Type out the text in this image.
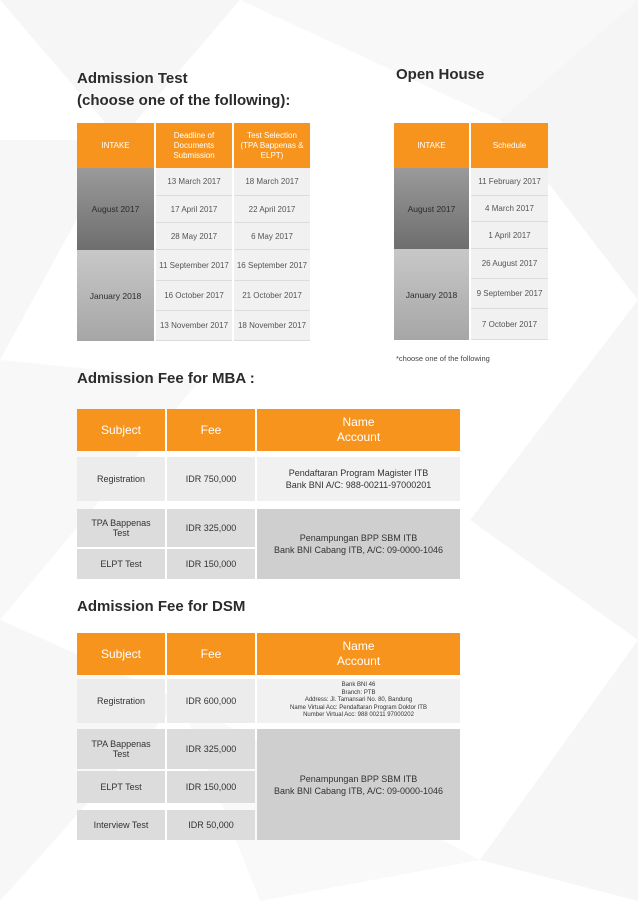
Admission Test
(choose one of the following):
INTAKE	Deadline of Documents Submission	Test Selection (TPA Bappenas & ELPT)
August 2017	13 March 2017	18 March 2017
	17 April 2017	22 April 2017
	28 May 2017	6 May 2017
January 2018	11 September 2017	16 September 2017
	16 October 2017	21 October 2017
	13 November 2017	18 November 2017
Open House
INTAKE	Schedule
August 2017	11 February 2017
	4 March 2017
	1 April 2017
January 2018	26 August 2017
	9 September 2017
	7 October 2017
*choose one of the following
Admission Fee for MBA :
Subject	Fee	Name
Account

Registration	IDR 750,000	Pendaftaran Program Magister ITB
Bank BNI A/C: 988-00211-97000201

TPA Bappenas Test	IDR 325,000	Penampungan BPP SBM ITB
Bank BNI Cabang ITB, A/C: 09-0000-1046

ELPT Test	IDR 150,000	
Admission Fee for DSM
Subject	Fee	Name
Account

Registration	IDR 600,000	Bank BNI 46
Branch: PTB
Address: Jl. Tamansari No. 80, Bandung
Name Virtual Acc: Pendaftaran Program Doktor ITB
Number Virtual Acc: 988 00211 97000202

TPA Bappenas Test	IDR 325,000	Penampungan BPP SBM ITB
Bank BNI Cabang ITB, A/C: 09-0000-1046

ELPT Test	IDR 150,000	

Interview Test	IDR 50,000	
